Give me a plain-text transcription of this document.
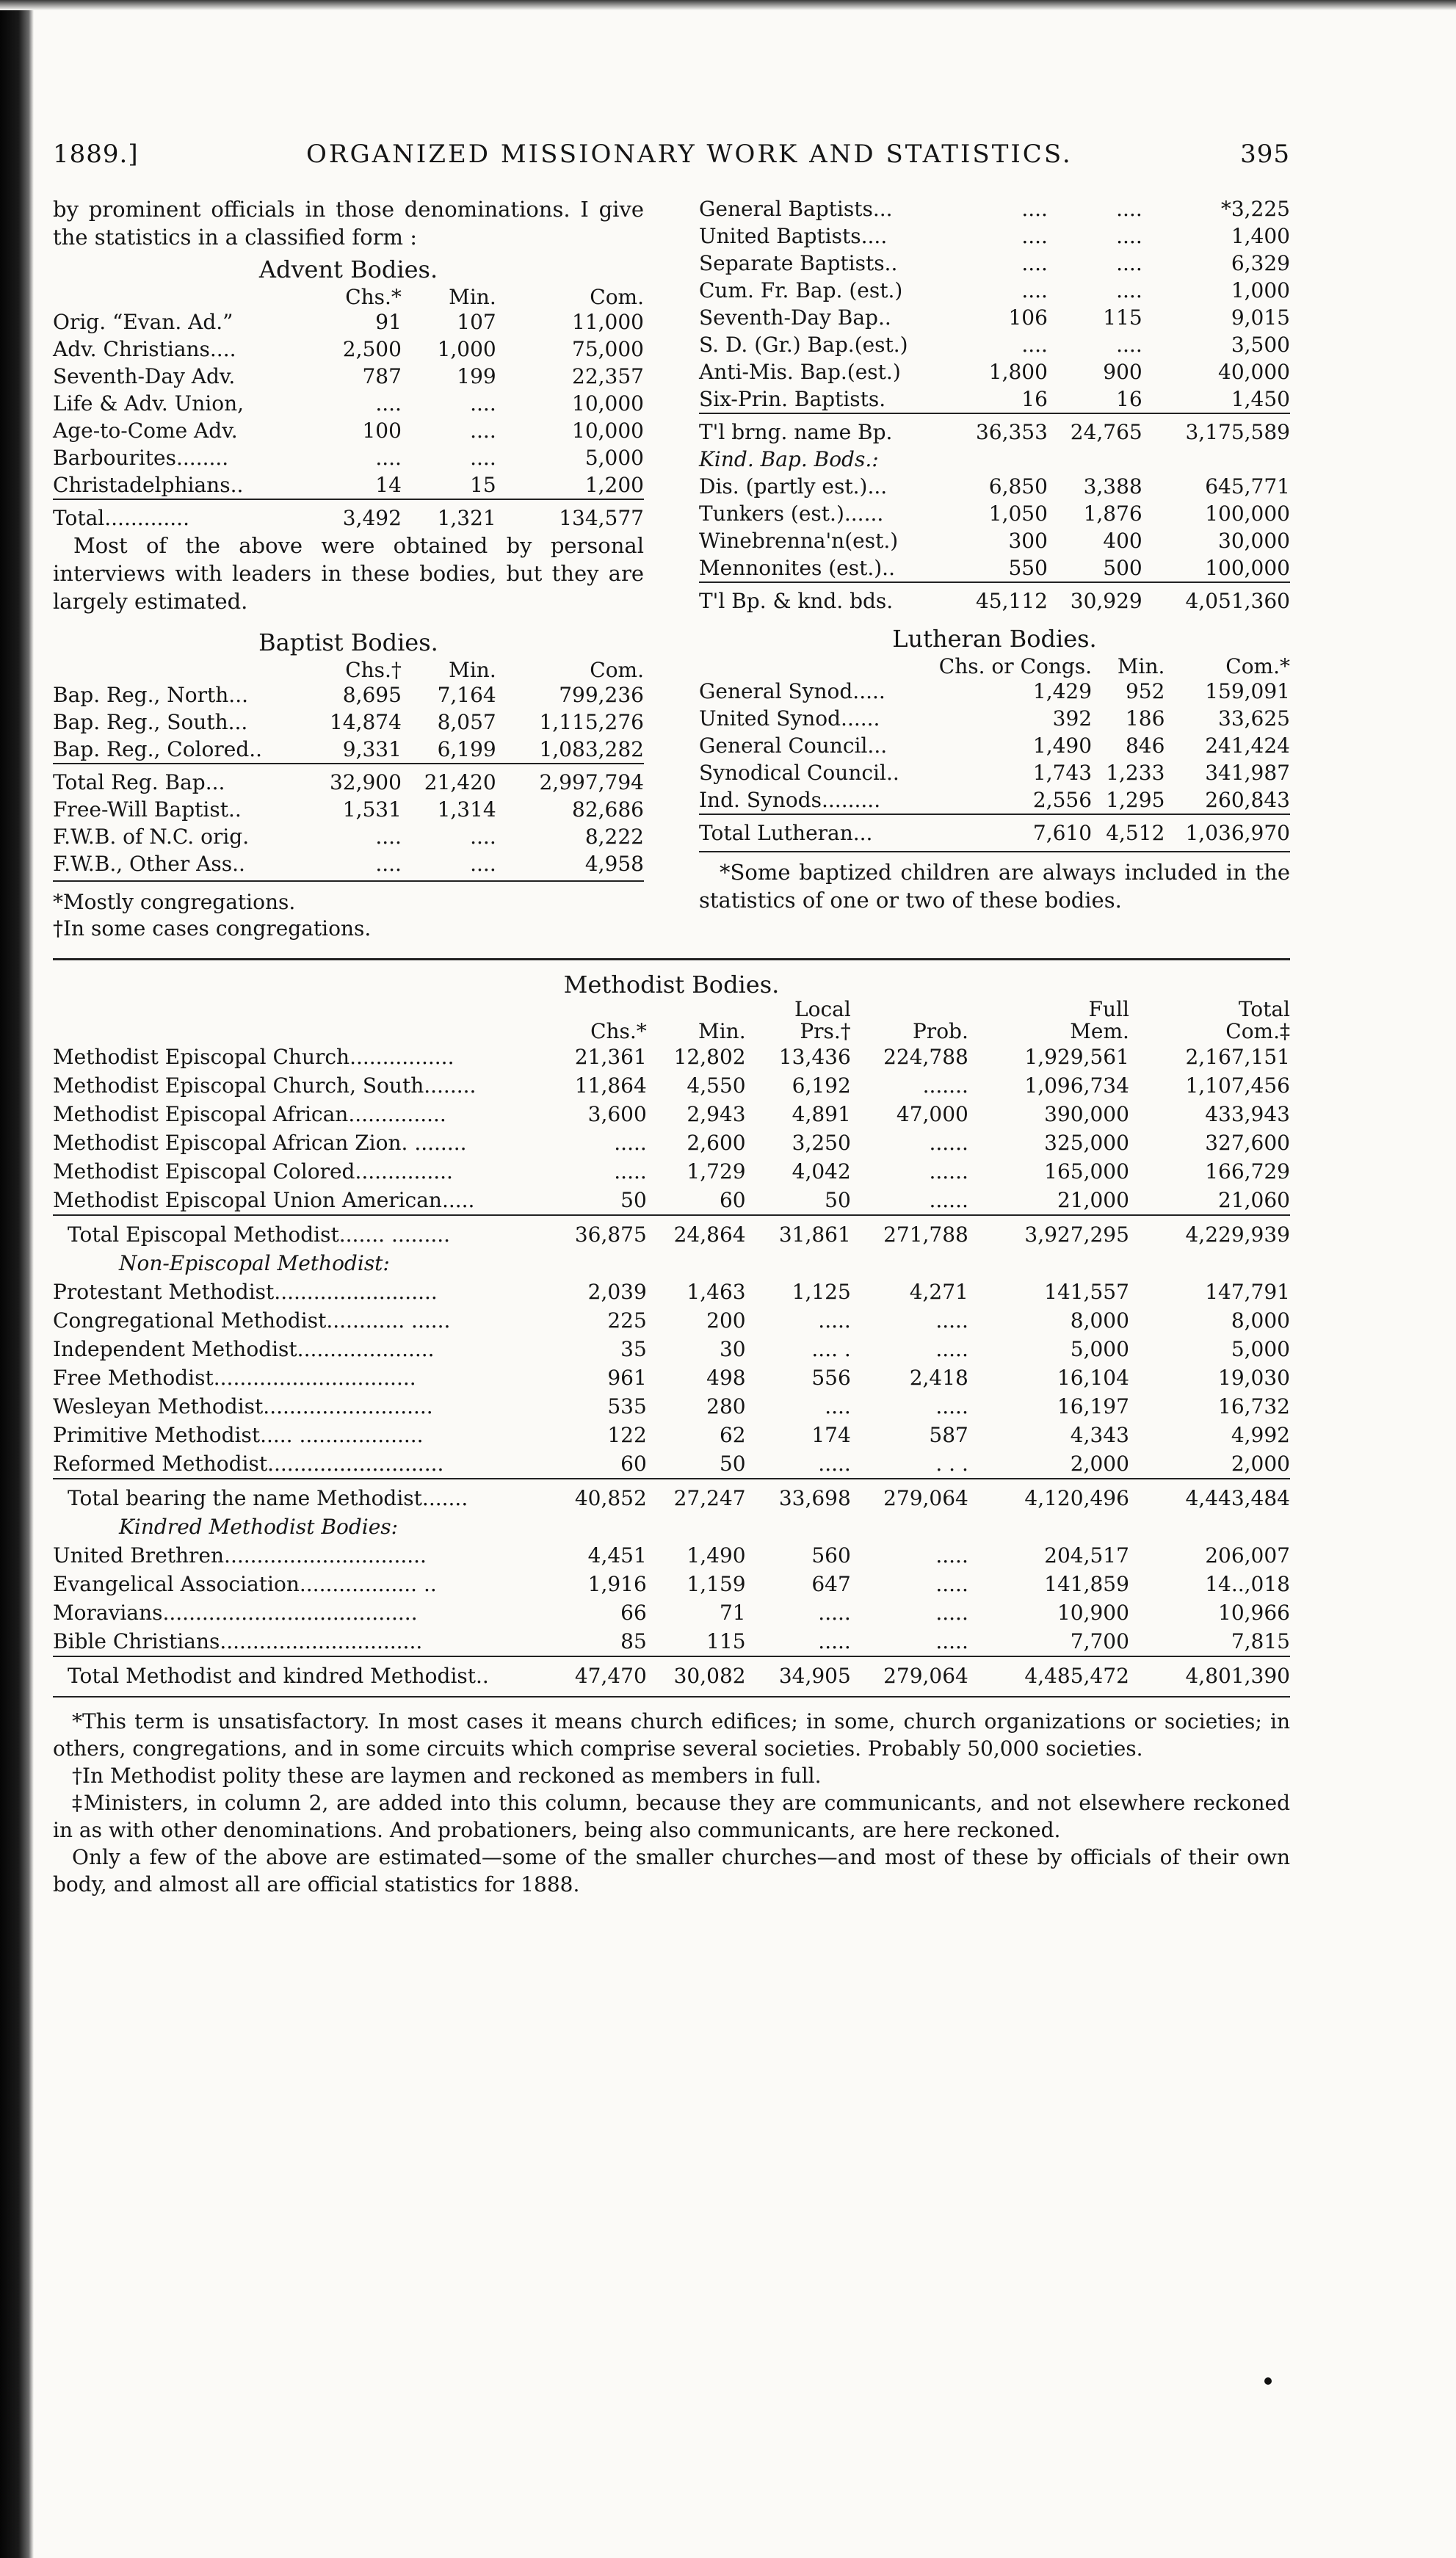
1889.]	ORGANIZED MISSIONARY WORK AND STATISTICS.	395

by prominent officials in those denominations. I give the statistics in a classified form :

Advent Bodies.
	Chs.*	Min.	Com.
Orig. “Evan. Ad.”	91	107	11,000
Adv. Christians....	2,500	1,000	75,000
Seventh-Day Adv.	787	199	22,357
Life & Adv. Union,	....	....	10,000
Age-to-Come Adv.	100	....	10,000
Barbourites........	....	....	5,000
Christadelphians..	14	15	1,200
Total.............	3,492	1,321	134,577

Most of the above were obtained by personal interviews with leaders in these bodies, but they are largely estimated.

Baptist Bodies.
	Chs.†	Min.	Com.
Bap. Reg., North...	8,695	7,164	799,236
Bap. Reg., South...	14,874	8,057	1,115,276
Bap. Reg., Colored..	9,331	6,199	1,083,282
Total Reg. Bap...	32,900	21,420	2,997,794
Free-Will Baptist..	1,531	1,314	82,686
F.W.B. of N.C. orig.	....	....	8,222
F.W.B., Other Ass..	....	....	4,958
*Mostly congregations.
†In some cases congregations.
General Baptists...	....	....	*3,225
United Baptists....	....	....	1,400
Separate Baptists..	....	....	6,329
Cum. Fr. Bap. (est.)	....	....	1,000
Seventh-Day Bap..	106	115	9,015
S. D. (Gr.) Bap.(est.)	....	....	3,500
Anti-Mis. Bap.(est.)	1,800	900	40,000
Six-Prin. Baptists.	16	16	1,450
T'l brng. name Bp.	36,353	24,765	3,175,589
Kind. Bap. Bods.:			
Dis. (partly est.)...	6,850	3,388	645,771
Tunkers (est.)......	1,050	1,876	100,000
Winebrenna'n(est.)	300	400	30,000
Mennonites (est.)..	550	500	100,000
T'l Bp. & knd. bds.	45,112	30,929	4,051,360
Lutheran Bodies.
	Chs. or Congs.	Min.	Com.*
General Synod.....	1,429	952	159,091
United Synod......	392	186	33,625
General Council...	1,490	846	241,424
Synodical Council..	1,743	1,233	341,987
Ind. Synods.........	2,556	1,295	260,843
Total Lutheran...	7,610	4,512	1,036,970

*Some baptized children are always included in the statistics of one or two of these bodies.

Methodist Bodies.
			Local		Full	Total
	Chs.*	Min.	Prs.†	Prob.	Mem.	Com.‡
Methodist Episcopal Church................	21,361	12,802	13,436	224,788	1,929,561	2,167,151
Methodist Episcopal Church, South........	11,864	4,550	6,192	.......	1,096,734	1,107,456
Methodist Episcopal African...............	3,600	2,943	4,891	47,000	390,000	433,943
Methodist Episcopal African Zion. ........	.....	2,600	3,250	......	325,000	327,600
Methodist Episcopal Colored...............	.....	1,729	4,042	......	165,000	166,729
Methodist Episcopal Union American.....	50	60	50	......	21,000	21,060
Total Episcopal Methodist....... .........	36,875	24,864	31,861	271,788	3,927,295	4,229,939
Non-Episcopal Methodist:						
Protestant Methodist.........................	2,039	1,463	1,125	4,271	141,557	147,791
Congregational Methodist............ ......	225	200	.....	.....	8,000	8,000
Independent Methodist.....................	35	30	.... .	.....	5,000	5,000
Free Methodist...............................	961	498	556	2,418	16,104	19,030
Wesleyan Methodist..........................	535	280	....	.....	16,197	16,732
Primitive Methodist..... ...................	122	62	174	587	4,343	4,992
Reformed Methodist...........................	60	50	.....	. . .	2,000	2,000
Total bearing the name Methodist.......	40,852	27,247	33,698	279,064	4,120,496	4,443,484
Kindred Methodist Bodies:						
United Brethren...............................	4,451	1,490	560	.....	204,517	206,007
Evangelical Association.................. ..	1,916	1,159	647	.....	141,859	14..,018
Moravians.......................................	66	71	.....	.....	10,900	10,966
Bible Christians...............................	85	115	.....	.....	7,700	7,815
Total Methodist and kindred Methodist..	47,470	30,082	34,905	279,064	4,485,472	4,801,390

*This term is unsatisfactory. In most cases it means church edifices; in some, church organizations or societies; in others, congregations, and in some circuits which comprise several societies. Probably 50,000 societies.

†In Methodist polity these are laymen and reckoned as members in full.

‡Ministers, in column 2, are added into this column, because they are communicants, and not elsewhere reckoned in as with other denominations. And probationers, being also communicants, are here reckoned.

Only a few of the above are estimated—some of the smaller churches—and most of these by officials of their own body, and almost all are official statistics for 1888.
